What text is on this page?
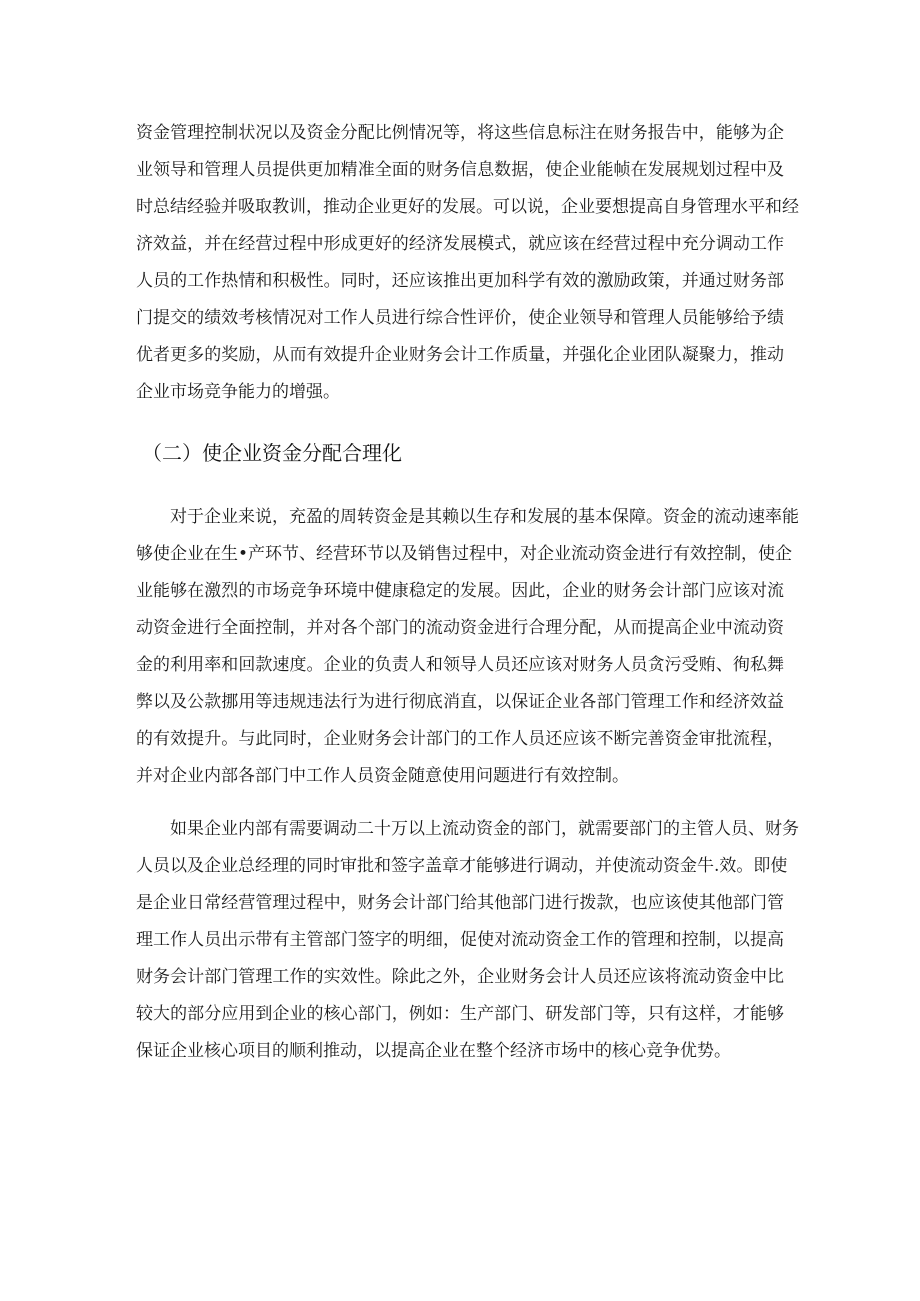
资金管理控制状况以及资金分配比例情况等，将这些信息标注在财务报告中，能够为企
业领导和管理人员提供更加精准全面的财务信息数据，使企业能帧在发展规划过程中及
时总结经验并吸取教训，推动企业更好的发展。可以说，企业要想提高自身管理水平和经
济效益，并在经营过程中形成更好的经济发展模式，就应该在经营过程中充分调动工作
人员的工作热情和积极性。同时，还应该推出更加科学有效的激励政策，并通过财务部
门提交的绩效考核情况对工作人员进行综合性评价，使企业领导和管理人员能够给予绩
优者更多的奖励，从而有效提升企业财务会计工作质量，并强化企业团队凝聚力，推动
企业市场竞争能力的增强。
（二）使企业资金分配合理化
对于企业来说，充盈的周转资金是其赖以生存和发展的基本保障。资金的流动速率能
够使企业在生•产环节、经营环节以及销售过程中，对企业流动资金进行有效控制，使企
业能够在激烈的市场竞争环境中健康稳定的发展。因此，企业的财务会计部门应该对流
动资金进行全面控制，并对各个部门的流动资金进行合理分配，从而提高企业中流动资
金的利用率和回款速度。企业的负责人和领导人员还应该对财务人员贪污受贿、徇私舞
弊以及公款挪用等违规违法行为进行彻底消直，以保证企业各部门管理工作和经济效益
的有效提升。与此同时，企业财务会计部门的工作人员还应该不断完善资金审批流程，
并对企业内部各部门中工作人员资金随意使用问题进行有效控制。
如果企业内部有需要调动二十万以上流动资金的部门，就需要部门的主管人员、财务
人员以及企业总经理的同时审批和签字盖章才能够进行调动，并使流动资金牛.效。即使
是企业日常经营管理过程中，财务会计部门给其他部门进行拨款，也应该使其他部门管
理工作人员出示带有主管部门签字的明细，促使对流动资金工作的管理和控制，以提高
财务会计部门管理工作的实效性。除此之外，企业财务会计人员还应该将流动资金中比
较大的部分应用到企业的核心部门，例如：生产部门、研发部门等，只有这样，才能够
保证企业核心项目的顺利推动，以提高企业在整个经济市场中的核心竞争优势。
